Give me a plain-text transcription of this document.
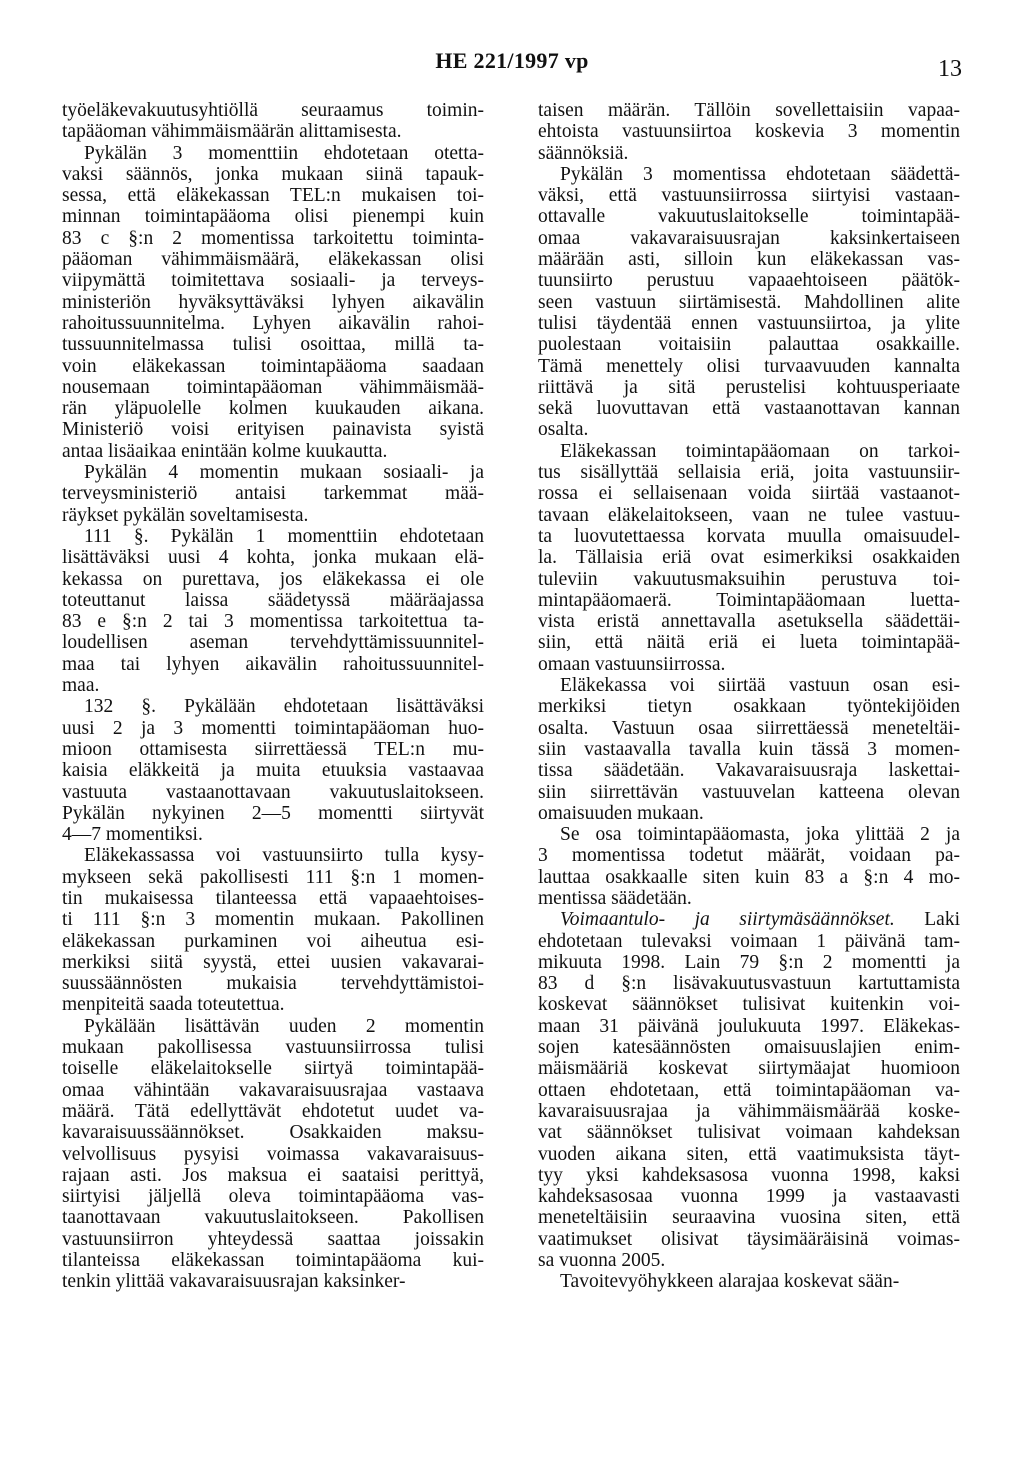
HE 221/1997 vp	13
työeläkevakuutusyhtiöllä seuraamus toimin-
tapääoman vähimmäismäärän alittamisesta.
Pykälän 3 momenttiin ehdotetaan otetta-
vaksi säännös, jonka mukaan siinä tapauk-
sessa, että eläkekassan TEL:n mukaisen toi-
minnan toimintapääoma olisi pienempi kuin
83 c §:n 2 momentissa tarkoitettu toiminta-
pääoman vähimmäismäärä, eläkekassan olisi
viipymättä toimitettava sosiaali- ja terveys-
ministeriön hyväksyttäväksi lyhyen aikavälin
rahoitussuunnitelma. Lyhyen aikavälin rahoi-
tussuunnitelmassa tulisi osoittaa, millä ta-
voin eläkekassan toimintapääoma saadaan
nousemaan toimintapääoman vähimmäismää-
rän yläpuolelle kolmen kuukauden aikana.
Ministeriö voisi erityisen painavista syistä
antaa lisäaikaa enintään kolme kuukautta.
Pykälän 4 momentin mukaan sosiaali- ja
terveysministeriö antaisi tarkemmat mää-
räykset pykälän soveltamisesta.
111 §. Pykälän 1 momenttiin ehdotetaan
lisättäväksi uusi 4 kohta, jonka mukaan elä-
kekassa on purettava, jos eläkekassa ei ole
toteuttanut laissa säädetyssä määräajassa
83 e §:n 2 tai 3 momentissa tarkoitettua ta-
loudellisen aseman tervehdyttämissuunnitel-
maa tai lyhyen aikavälin rahoitussuunnitel-
maa.
132 §. Pykälään ehdotetaan lisättäväksi
uusi 2 ja 3 momentti toimintapääoman huo-
mioon ottamisesta siirrettäessä TEL:n mu-
kaisia eläkkeitä ja muita etuuksia vastaavaa
vastuuta vastaanottavaan vakuutuslaitokseen.
Pykälän nykyinen 2—5 momentti siirtyvät
4—7 momentiksi.
Eläkekassassa voi vastuunsiirto tulla kysy-
mykseen sekä pakollisesti 111 §:n 1 momen-
tin mukaisessa tilanteessa että vapaaehtoises-
ti 111 §:n 3 momentin mukaan. Pakollinen
eläkekassan purkaminen voi aiheutua esi-
merkiksi siitä syystä, ettei uusien vakavarai-
suussäännösten mukaisia tervehdyttämistoi-
menpiteitä saada toteutettua.
Pykälään lisättävän uuden 2 momentin
mukaan pakollisessa vastuunsiirrossa tulisi
toiselle eläkelaitokselle siirtyä toimintapää-
omaa vähintään vakavaraisuusrajaa vastaava
määrä. Tätä edellyttävät ehdotetut uudet va-
kavaraisuussäännökset. Osakkaiden maksu-
velvollisuus pysyisi voimassa vakavaraisuus-
rajaan asti. Jos maksua ei saataisi perittyä,
siirtyisi jäljellä oleva toimintapääoma vas-
taanottavaan vakuutuslaitokseen. Pakollisen
vastuunsiirron yhteydessä saattaa joissakin
tilanteissa eläkekassan toimintapääoma kui-
tenkin ylittää vakavaraisuusrajan kaksinker-
taisen määrän. Tällöin sovellettaisiin vapaa-
ehtoista vastuunsiirtoa koskevia 3 momentin
säännöksiä.
Pykälän 3 momentissa ehdotetaan säädettä-
väksi, että vastuunsiirrossa siirtyisi vastaan-
ottavalle vakuutuslaitokselle toimintapää-
omaa vakavaraisuusrajan kaksinkertaiseen
määrään asti, silloin kun eläkekassan vas-
tuunsiirto perustuu vapaaehtoiseen päätök-
seen vastuun siirtämisestä. Mahdollinen alite
tulisi täydentää ennen vastuunsiirtoa, ja ylite
puolestaan voitaisiin palauttaa osakkaille.
Tämä menettely olisi turvaavuuden kannalta
riittävä ja sitä perustelisi kohtuusperiaate
sekä luovuttavan että vastaanottavan kannan
osalta.
Eläkekassan toimintapääomaan on tarkoi-
tus sisällyttää sellaisia eriä, joita vastuunsiir-
rossa ei sellaisenaan voida siirtää vastaanot-
tavaan eläkelaitokseen, vaan ne tulee vastuu-
ta luovutettaessa korvata muulla omaisuudel-
la. Tällaisia eriä ovat esimerkiksi osakkaiden
tuleviin vakuutusmaksuihin perustuva toi-
mintapääomaerä. Toimintapääomaan luetta-
vista eristä annettavalla asetuksella säädettäi-
siin, että näitä eriä ei lueta toimintapää-
omaan vastuunsiirrossa.
Eläkekassa voi siirtää vastuun osan esi-
merkiksi tietyn osakkaan työntekijöiden
osalta. Vastuun osaa siirrettäessä meneteltäi-
siin vastaavalla tavalla kuin tässä 3 momen-
tissa säädetään. Vakavaraisuusraja laskettai-
siin siirrettävän vastuuvelan katteena olevan
omaisuuden mukaan.
Se osa toimintapääomasta, joka ylittää 2 ja
3 momentissa todetut määrät, voidaan pa-
lauttaa osakkaalle siten kuin 83 a §:n 4 mo-
mentissa säädetään.
Voimaantulo- ja siirtymäsäännökset. Laki
ehdotetaan tulevaksi voimaan 1 päivänä tam-
mikuuta 1998. Lain 79 §:n 2 momentti ja
83 d §:n lisävakuutusvastuun kartuttamista
koskevat säännökset tulisivat kuitenkin voi-
maan 31 päivänä joulukuuta 1997. Eläkekas-
sojen katesäännösten omaisuuslajien enim-
mäismääriä koskevat siirtymäajat huomioon
ottaen ehdotetaan, että toimintapääoman va-
kavaraisuusrajaa ja vähimmäismäärää koske-
vat säännökset tulisivat voimaan kahdeksan
vuoden aikana siten, että vaatimuksista täyt-
tyy yksi kahdeksasosa vuonna 1998, kaksi
kahdeksasosaa vuonna 1999 ja vastaavasti
meneteltäisiin seuraavina vuosina siten, että
vaatimukset olisivat täysimääräisinä voimas-
sa vuonna 2005.
Tavoitevyöhykkeen alarajaa koskevat sään-
